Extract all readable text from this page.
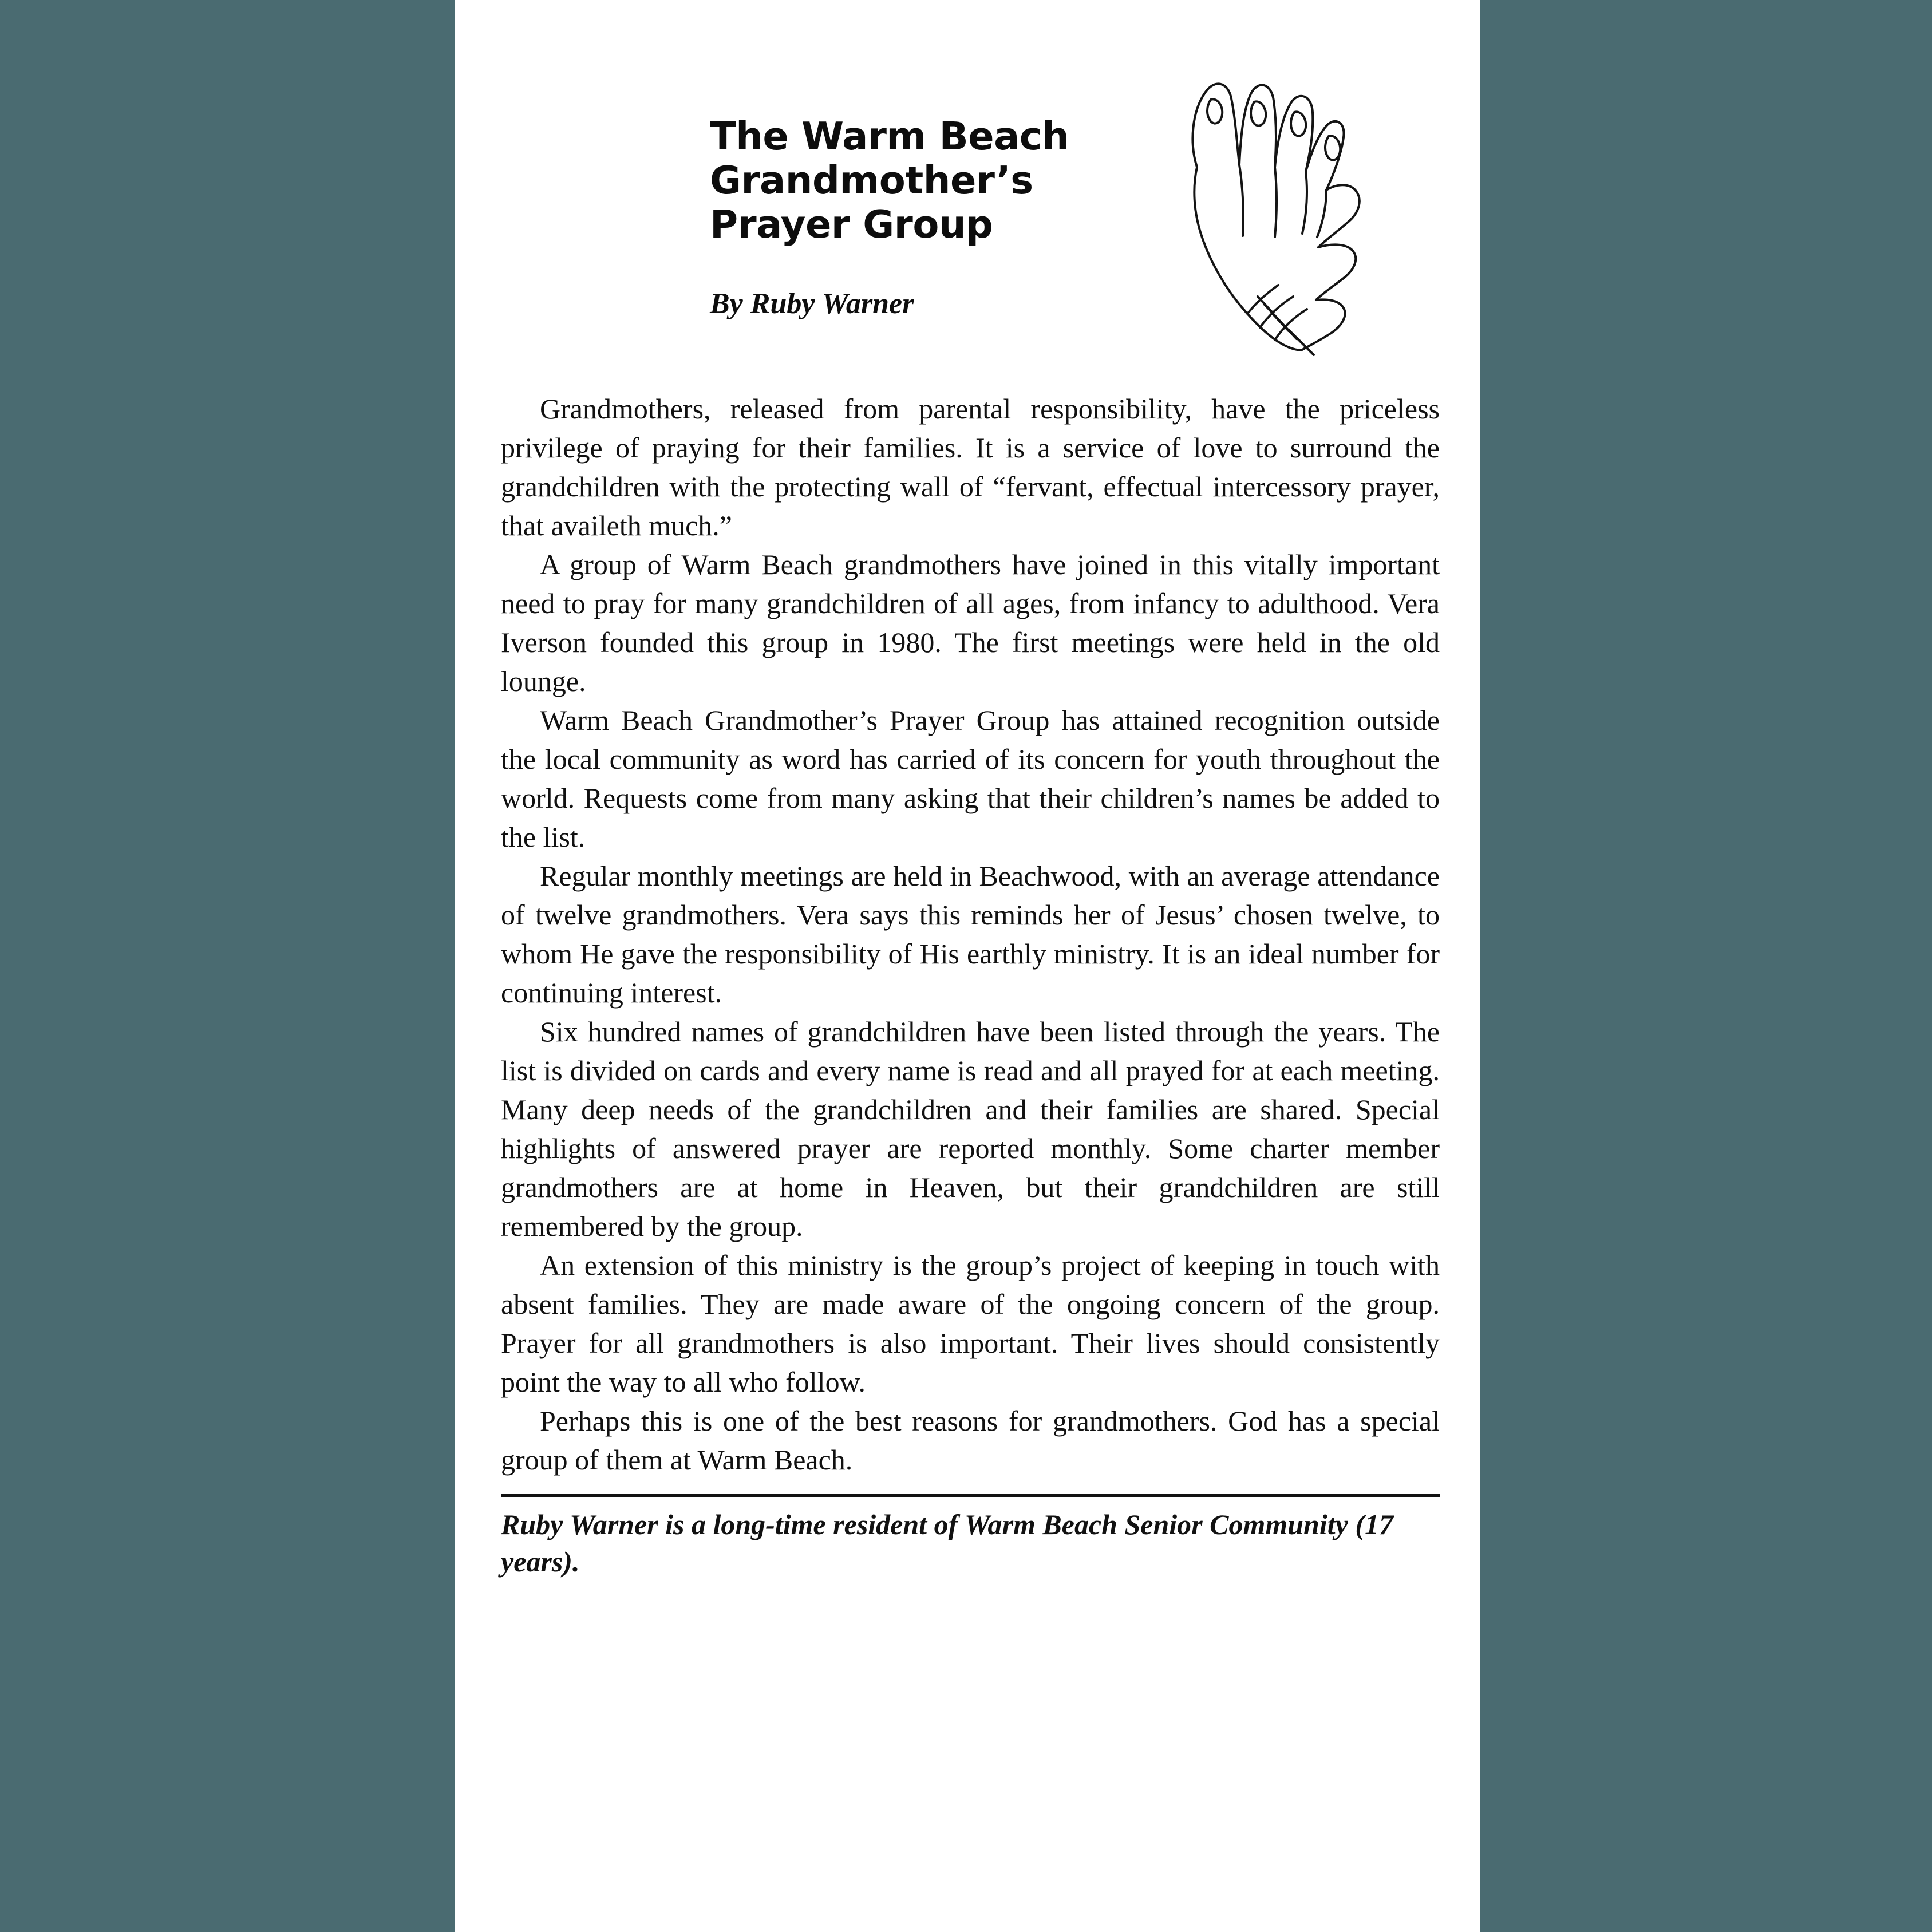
The Warm Beach
Grandmother’s
Prayer Group
By Ruby Warner

Grandmothers, released from parental responsibility, have the priceless privilege of praying for their families. It is a service of love to surround the grandchildren with the protecting wall of “fervant, effectual intercessory prayer, that availeth much.”

A group of Warm Beach grandmothers have joined in this vitally important need to pray for many grandchildren of all ages, from infancy to adulthood. Vera Iverson founded this group in 1980. The first meetings were held in the old lounge.

Warm Beach Grandmother’s Prayer Group has attained recognition outside the local community as word has carried of its concern for youth throughout the world. Requests come from many asking that their children’s names be added to the list.

Regular monthly meetings are held in Beachwood, with an average attendance of twelve grandmothers. Vera says this reminds her of Jesus’ chosen twelve, to whom He gave the responsibility of His earthly ministry. It is an ideal number for continuing interest.

Six hundred names of grandchildren have been listed through the years. The list is divided on cards and every name is read and all prayed for at each meeting. Many deep needs of the grandchildren and their families are shared. Special highlights of answered prayer are reported monthly. Some charter member grandmothers are at home in Heaven, but their grandchildren are still remembered by the group.

An extension of this ministry is the group’s project of keeping in touch with absent families. They are made aware of the ongoing concern of the group. Prayer for all grandmothers is also important. Their lives should consistently point the way to all who follow.

Perhaps this is one of the best reasons for grandmothers. God has a special group of them at Warm Beach.

Ruby Warner is a long-time resident of Warm Beach Senior Community (17 years).
